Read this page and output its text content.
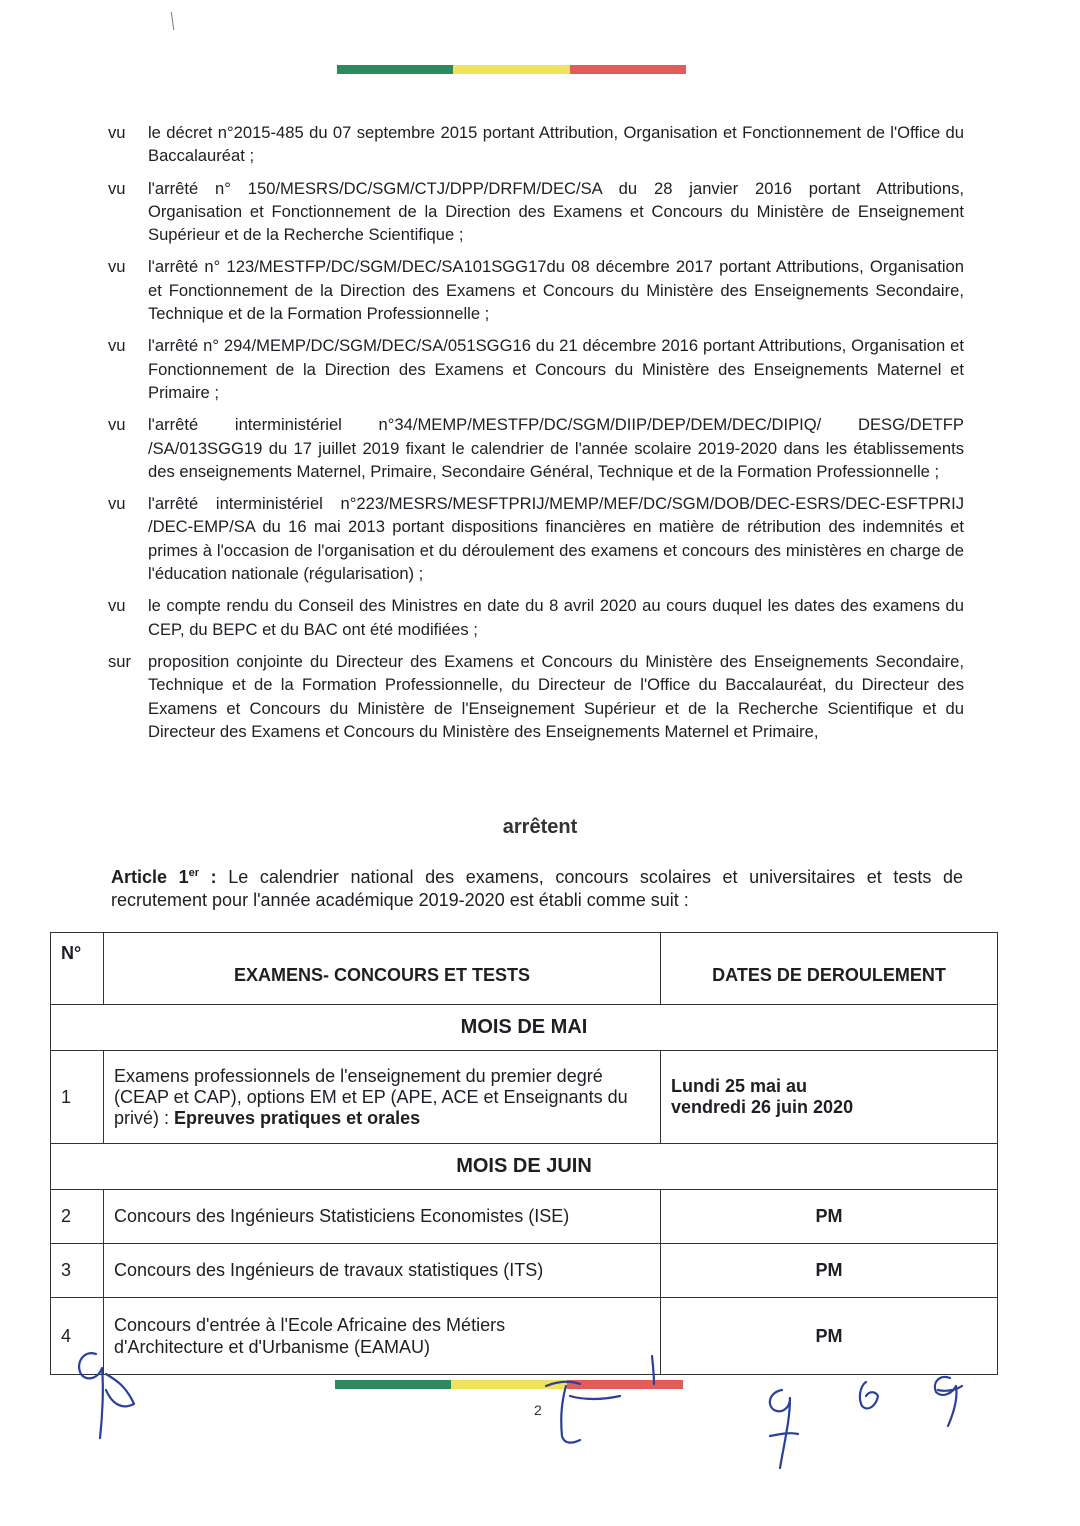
vu	le décret n°2015-485 du 07 septembre 2015 portant Attribution, Organisation et Fonctionnement de l'Office du Baccalauréat ;
vu	l'arrêté n° 150/MESRS/DC/SGM/CTJ/DPP/DRFM/DEC/SA du 28 janvier 2016 portant Attributions, Organisation et Fonctionnement de la Direction des Examens et Concours du Ministère de Enseignement Supérieur et de la Recherche Scientifique ;
vu	l'arrêté n° 123/MESTFP/DC/SGM/DEC/SA101SGG17du 08 décembre 2017 portant Attributions, Organisation et Fonctionnement de la Direction des Examens et Concours du Ministère des Enseignements Secondaire, Technique et de la Formation Professionnelle ;
vu	l'arrêté n° 294/MEMP/DC/SGM/DEC/SA/051SGG16 du 21 décembre 2016 portant Attributions, Organisation et Fonctionnement de la Direction des Examens et Concours du Ministère des Enseignements Maternel et Primaire ;
vu	l'arrêté interministériel n°34/MEMP/MESTFP/DC/SGM/DIIP/DEP/DEM/DEC/DIPIQ/ DESG/DETFP /SA/013SGG19 du 17 juillet 2019 fixant le calendrier de l'année scolaire 2019-2020 dans les établissements des enseignements Maternel, Primaire, Secondaire Général, Technique et de la Formation Professionnelle ;
vu	l'arrêté interministériel n°223/MESRS/MESFTPRIJ/MEMP/MEF/DC/SGM/DOB/DEC-ESRS/DEC-ESFTPRIJ /DEC-EMP/SA du 16 mai 2013 portant dispositions financières en matière de rétribution des indemnités et primes à l'occasion de l'organisation et du déroulement des examens et concours des ministères en charge de l'éducation nationale (régularisation) ;
vu	le compte rendu du Conseil des Ministres en date du 8 avril 2020 au cours duquel les dates des examens du CEP, du BEPC et du BAC ont été modifiées ;
sur	proposition conjointe du Directeur des Examens et Concours du Ministère des Enseignements Secondaire, Technique et de la Formation Professionnelle, du Directeur de l'Office du Baccalauréat, du Directeur des Examens et Concours du Ministère de l'Enseignement Supérieur et de la Recherche Scientifique et du Directeur des Examens et Concours du Ministère des Enseignements Maternel et Primaire,
arrêtent
Article 1er : Le calendrier national des examens, concours scolaires et universitaires et tests de recrutement pour l'année académique 2019-2020 est établi comme suit :
N°	EXAMENS- CONCOURS ET TESTS	DATES DE DEROULEMENT
MOIS DE MAI		
1	Examens professionnels de l'enseignement du premier degré (CEAP et CAP), options EM et EP (APE, ACE et Enseignants du privé) : Epreuves pratiques et orales	Lundi 25 mai au
vendredi 26 juin 2020

MOIS DE JUIN		
2	Concours des Ingénieurs Statisticiens Economistes (ISE)	PM
3	Concours des Ingénieurs de travaux statistiques (ITS)	PM
4	Concours d'entrée à l'Ecole Africaine des Métiers
d'Architecture et d'Urbanisme (EAMAU)	PM
2
